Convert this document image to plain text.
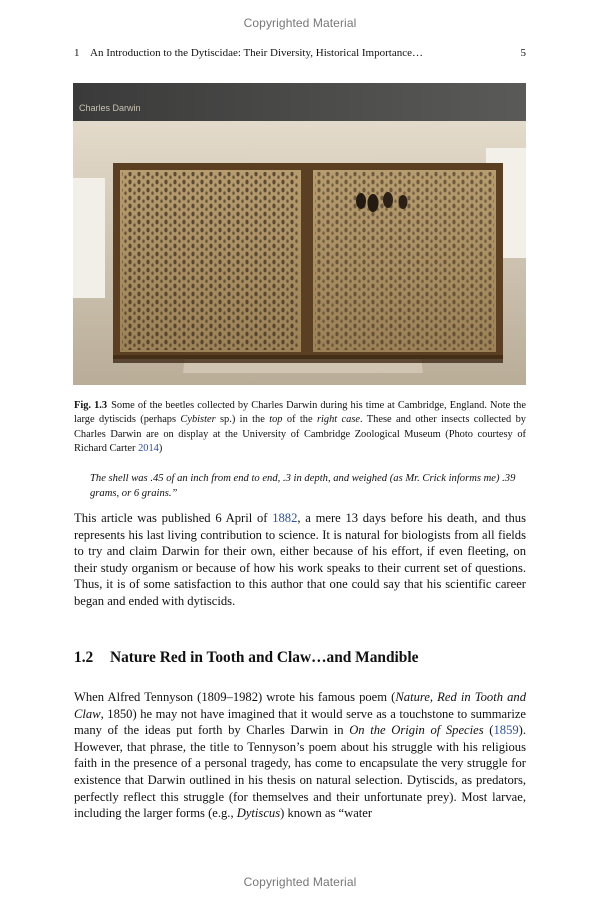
Copyrighted Material
1 An Introduction to the Dytiscidae: Their Diversity, Historical Importance…	5
Charles Darwin
Fig. 1.3 Some of the beetles collected by Charles Darwin during his time at Cambridge, England. Note the large dytiscids (perhaps Cybister sp.) in the top of the right case. These and other insects collected by Charles Darwin are on display at the University of Cambridge Zoological Museum (Photo courtesy of Richard Carter 2014)
The shell was .45 of an inch from end to end, .3 in depth, and weighed (as Mr. Crick informs me) .39 grams, or 6 grains.”
This article was published 6 April of 1882, a mere 13 days before his death, and thus represents his last living contribution to science. It is natural for biologists from all fields to try and claim Darwin for their own, either because of his effort, if even fleeting, on their study organism or because of how his work speaks to their current set of questions. Thus, it is of some satisfaction to this author that one could say that his scientific career began and ended with dytiscids.
1.2 Nature Red in Tooth and Claw…and Mandible
When Alfred Tennyson (1809–1982) wrote his famous poem (Nature, Red in Tooth and Claw, 1850) he may not have imagined that it would serve as a touchstone to summarize many of the ideas put forth by Charles Darwin in On the Origin of Species (1859). However, that phrase, the title to Tennyson’s poem about his struggle with his religious faith in the presence of a personal tragedy, has come to encapsulate the very struggle for existence that Darwin outlined in his thesis on natural selection. Dytiscids, as predators, perfectly reflect this struggle (for themselves and their unfortunate prey). Most larvae, including the larger forms (e.g., Dytiscus) known as “water
Copyrighted Material
